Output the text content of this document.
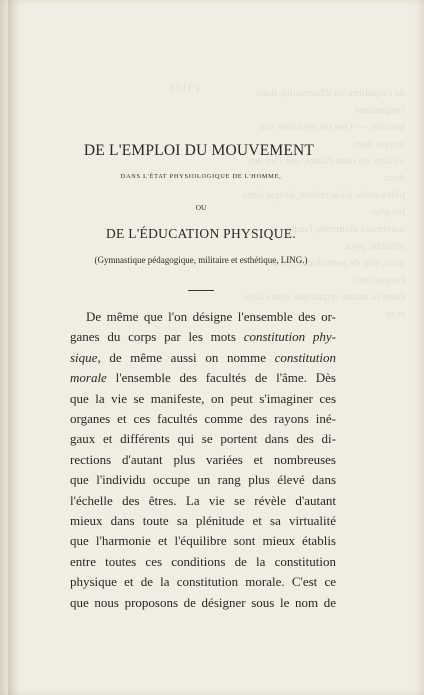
( 110 )	de l'équilibre ou d'harmonie, dans l'organisme
humain. — Que cet équilibre soit rompu dans
un sens ou dans l'autre, que l'un des deux
pôles tende à s'accroître, jusque dans les plus
nombreux éléments, l'unité s'y affaiblit, pour
nous, état de perturbation dans l'organisme.
Dans la nature organique, tout existe et se
DE L'EMPLOI DU MOUVEMENT
DANS L'ÉTAT PHYSIOLOGIQUE DE L'HOMME,
OU
DE L'ÉDUCATION PHYSIQUE.
(Gymnastique pédagogique, militaire et esthétique, LING.)
De même que l'on désigne l'ensemble des or-
ganes du corps par les mots constitution phy-
sique, de même aussi on nomme constitution
morale l'ensemble des facultés de l'âme. Dès
que la vie se manifeste, on peut s'imaginer ces
organes et ces facultés comme des rayons iné-
gaux et différents qui se portent dans des di-
rections d'autant plus variées et nombreuses
que l'individu occupe un rang plus élevé dans
l'échelle des êtres. La vie se révèle d'autant
mieux dans toute sa plénitude et sa virtualité
que l'harmonie et l'équilibre sont mieux établis
entre toutes ces conditions de la constitution
physique et de la constitution morale. C'est ce
que nous proposons de désigner sous le nom de
